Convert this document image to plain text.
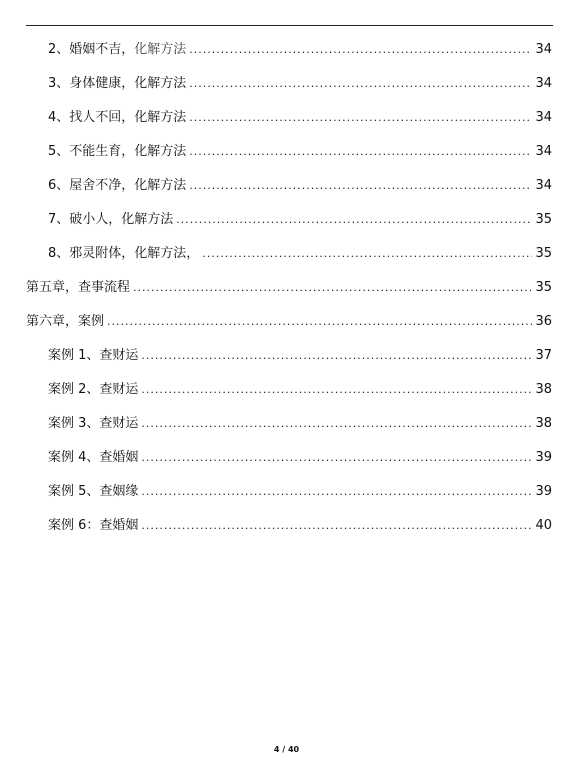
2、婚姻不吉，化解方法 .....	34
3、身体健康，化解方法 .....	34
4、找人不回，化解方法 .....	34
5、不能生育，化解方法 .....	34
6、屋舍不净，化解方法 .....	34
7、破小人，化解方法 .....	35
8、邪灵附体，化解方法， .....	35
第五章，查事流程 .....	35
第六章，案例 .....	36
案例 1、查财运 .....	37
案例 2、查财运 .....	38
案例 3、查财运 .....	38
案例 4、查婚姻 .....	39
案例 5、查姻缘 .....	39
案例 6：查婚姻 .....	40
4 / 40
